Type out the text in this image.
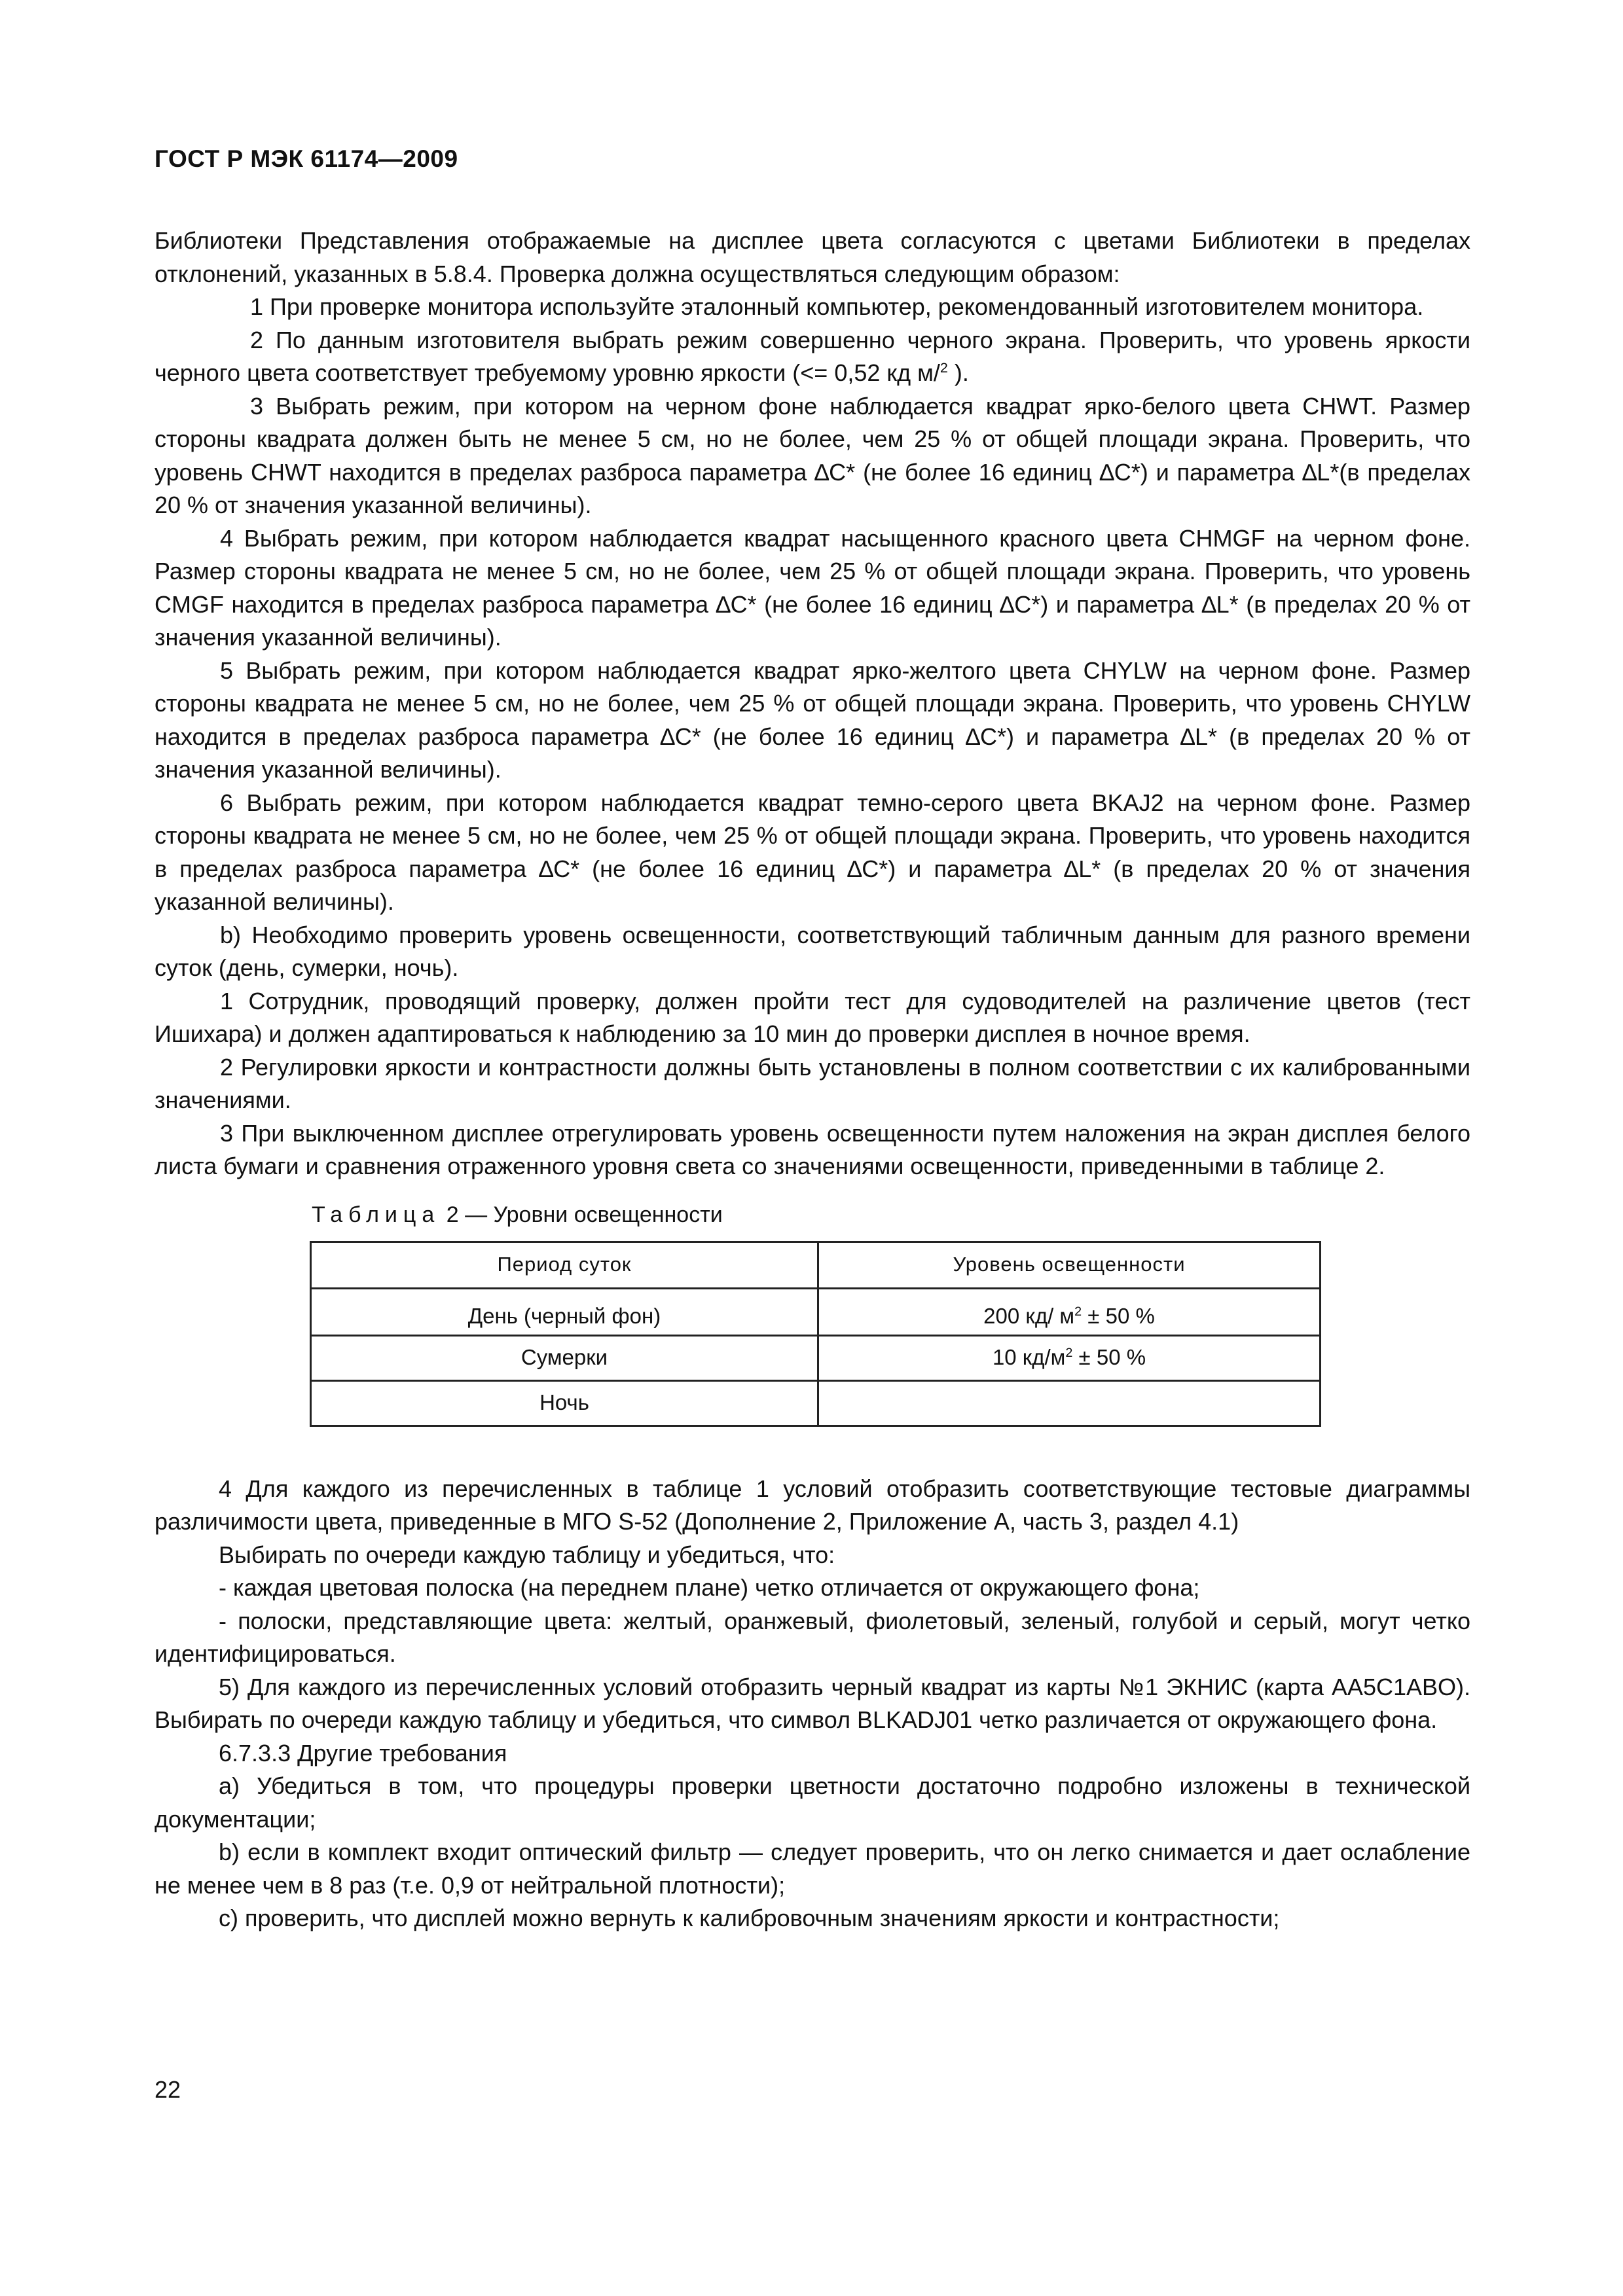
ГОСТ Р МЭК 61174—2009

Библиотеки Представления отображаемые на дисплее цвета согласуются с цветами Библиотеки в пределах отклонений, указанных в 5.8.4. Проверка должна осуществляться следующим образом:

1 При проверке монитора используйте эталонный компьютер, рекомендованный изготовителем монитора.

2 По данным изготовителя выбрать режим совершенно черного экрана. Проверить, что уровень яркости черного цвета соответствует требуемому уровню яркости (<= 0,52 кд м/$^2$ ).

3 Выбрать режим, при котором на черном фоне наблюдается квадрат ярко-белого цвета CHWT. Размер стороны квадрата должен быть не менее 5 см, но не более, чем 25 % от общей площади экрана. Проверить, что уровень CHWT находится в пределах разброса параметра ∆C* (не более 16 единиц ∆C*) и параметра ∆L*(в пределах 20 % от значения указанной величины).

4 Выбрать режим, при котором наблюдается квадрат насыщенного красного цвета CHMGF на черном фоне. Размер стороны квадрата не менее 5 см, но не более, чем 25 % от общей площади экрана. Проверить, что уровень CMGF находится в пределах разброса параметра ∆C* (не более 16 единиц ∆C*) и параметра ∆L* (в пределах 20 % от значения указанной величины).

5 Выбрать режим, при котором наблюдается квадрат ярко-желтого цвета CHYLW на черном фоне. Размер стороны квадрата не менее 5 см, но не более, чем 25 % от общей площади экрана. Проверить, что уровень CHYLW находится в пределах разброса параметра ∆C* (не более 16 единиц ∆C*) и параметра ∆L* (в пределах 20 % от значения указанной величины).

6 Выбрать режим, при котором наблюдается квадрат темно-серого цвета BKAJ2 на черном фоне. Размер стороны квадрата не менее 5 см, но не более, чем 25 % от общей площади экрана. Проверить, что уровень находится в пределах разброса параметра ∆C* (не более 16 единиц ∆C*) и параметра ∆L* (в пределах 20 % от значения указанной величины).

b) Необходимо проверить уровень освещенности, соответствующий табличным данным для разного времени суток (день, сумерки, ночь).

1 Сотрудник, проводящий проверку, должен пройти тест для судоводителей на различение цветов (тест Ишихара) и должен адаптироваться к наблюдению за 10 мин до проверки дисплея в ночное время.

2 Регулировки яркости и контрастности должны быть установлены в полном соответствии с их калиброванными значениями.

3 При выключенном дисплее отрегулировать уровень освещенности путем наложения на экран дисплея белого листа бумаги и сравнения отраженного уровня света со значениями освещенности, приведенными в таблице 2.

Таблица 2 — Уровни освещенности
Период суток	Уровень освещенности

День (черный фон)	200 кд/ $м^2 \pm 50$ %
Сумерки	10 $кд/м^2 \pm 50$ %
Ночь	

4 Для каждого из перечисленных в таблице 1 условий отобразить соответствующие тестовые диаграммы различимости цвета, приведенные в МГО S-52 (Дополнение 2, Приложение А, часть 3, раздел 4.1)

Выбирать по очереди каждую таблицу и убедиться, что:

- каждая цветовая полоска (на переднем плане) четко отличается от окружающего фона;

- полоски, представляющие цвета: желтый, оранжевый, фиолетовый, зеленый, голубой и серый, могут четко идентифицироваться.

5) Для каждого из перечисленных условий отобразить черный квадрат из карты №1 ЭКНИС (карта AA5C1ABO). Выбирать по очереди каждую таблицу и убедиться, что символ BLKADJ01 четко различается от окружающего фона.

6.7.3.3 Другие требования

a) Убедиться в том, что процедуры проверки цветности достаточно подробно изложены в технической документации;

b) если в комплект входит оптический фильтр — следует проверить, что он легко снимается и дает ослабление не менее чем в 8 раз (т.е. 0,9 от нейтральной плотности);

c) проверить, что дисплей можно вернуть к калибровочным значениям яркости и контрастности;

22
